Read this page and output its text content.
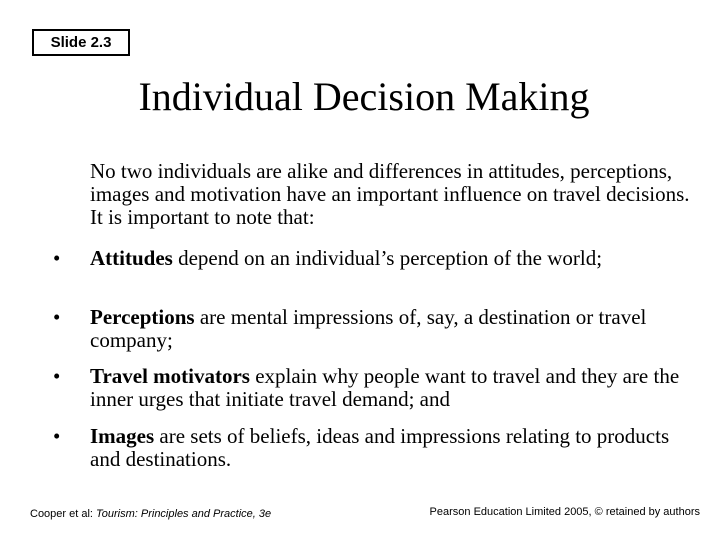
Slide 2.3
Individual Decision Making

No two individuals are alike and differences in attitudes, perceptions, images and motivation have an important influence on travel decisions. It is important to note that:

•	Attitudes depend on an individual’s perception of the world;
•	Perceptions are mental impressions of, say, a destination or travel company;
•	Travel motivators explain why people want to travel and they are the inner urges that initiate travel demand; and
•	Images are sets of beliefs, ideas and impressions relating to products and destinations.
Cooper et al: Tourism: Principles and Practice, 3e	Pearson Education Limited 2005, © retained by authors
